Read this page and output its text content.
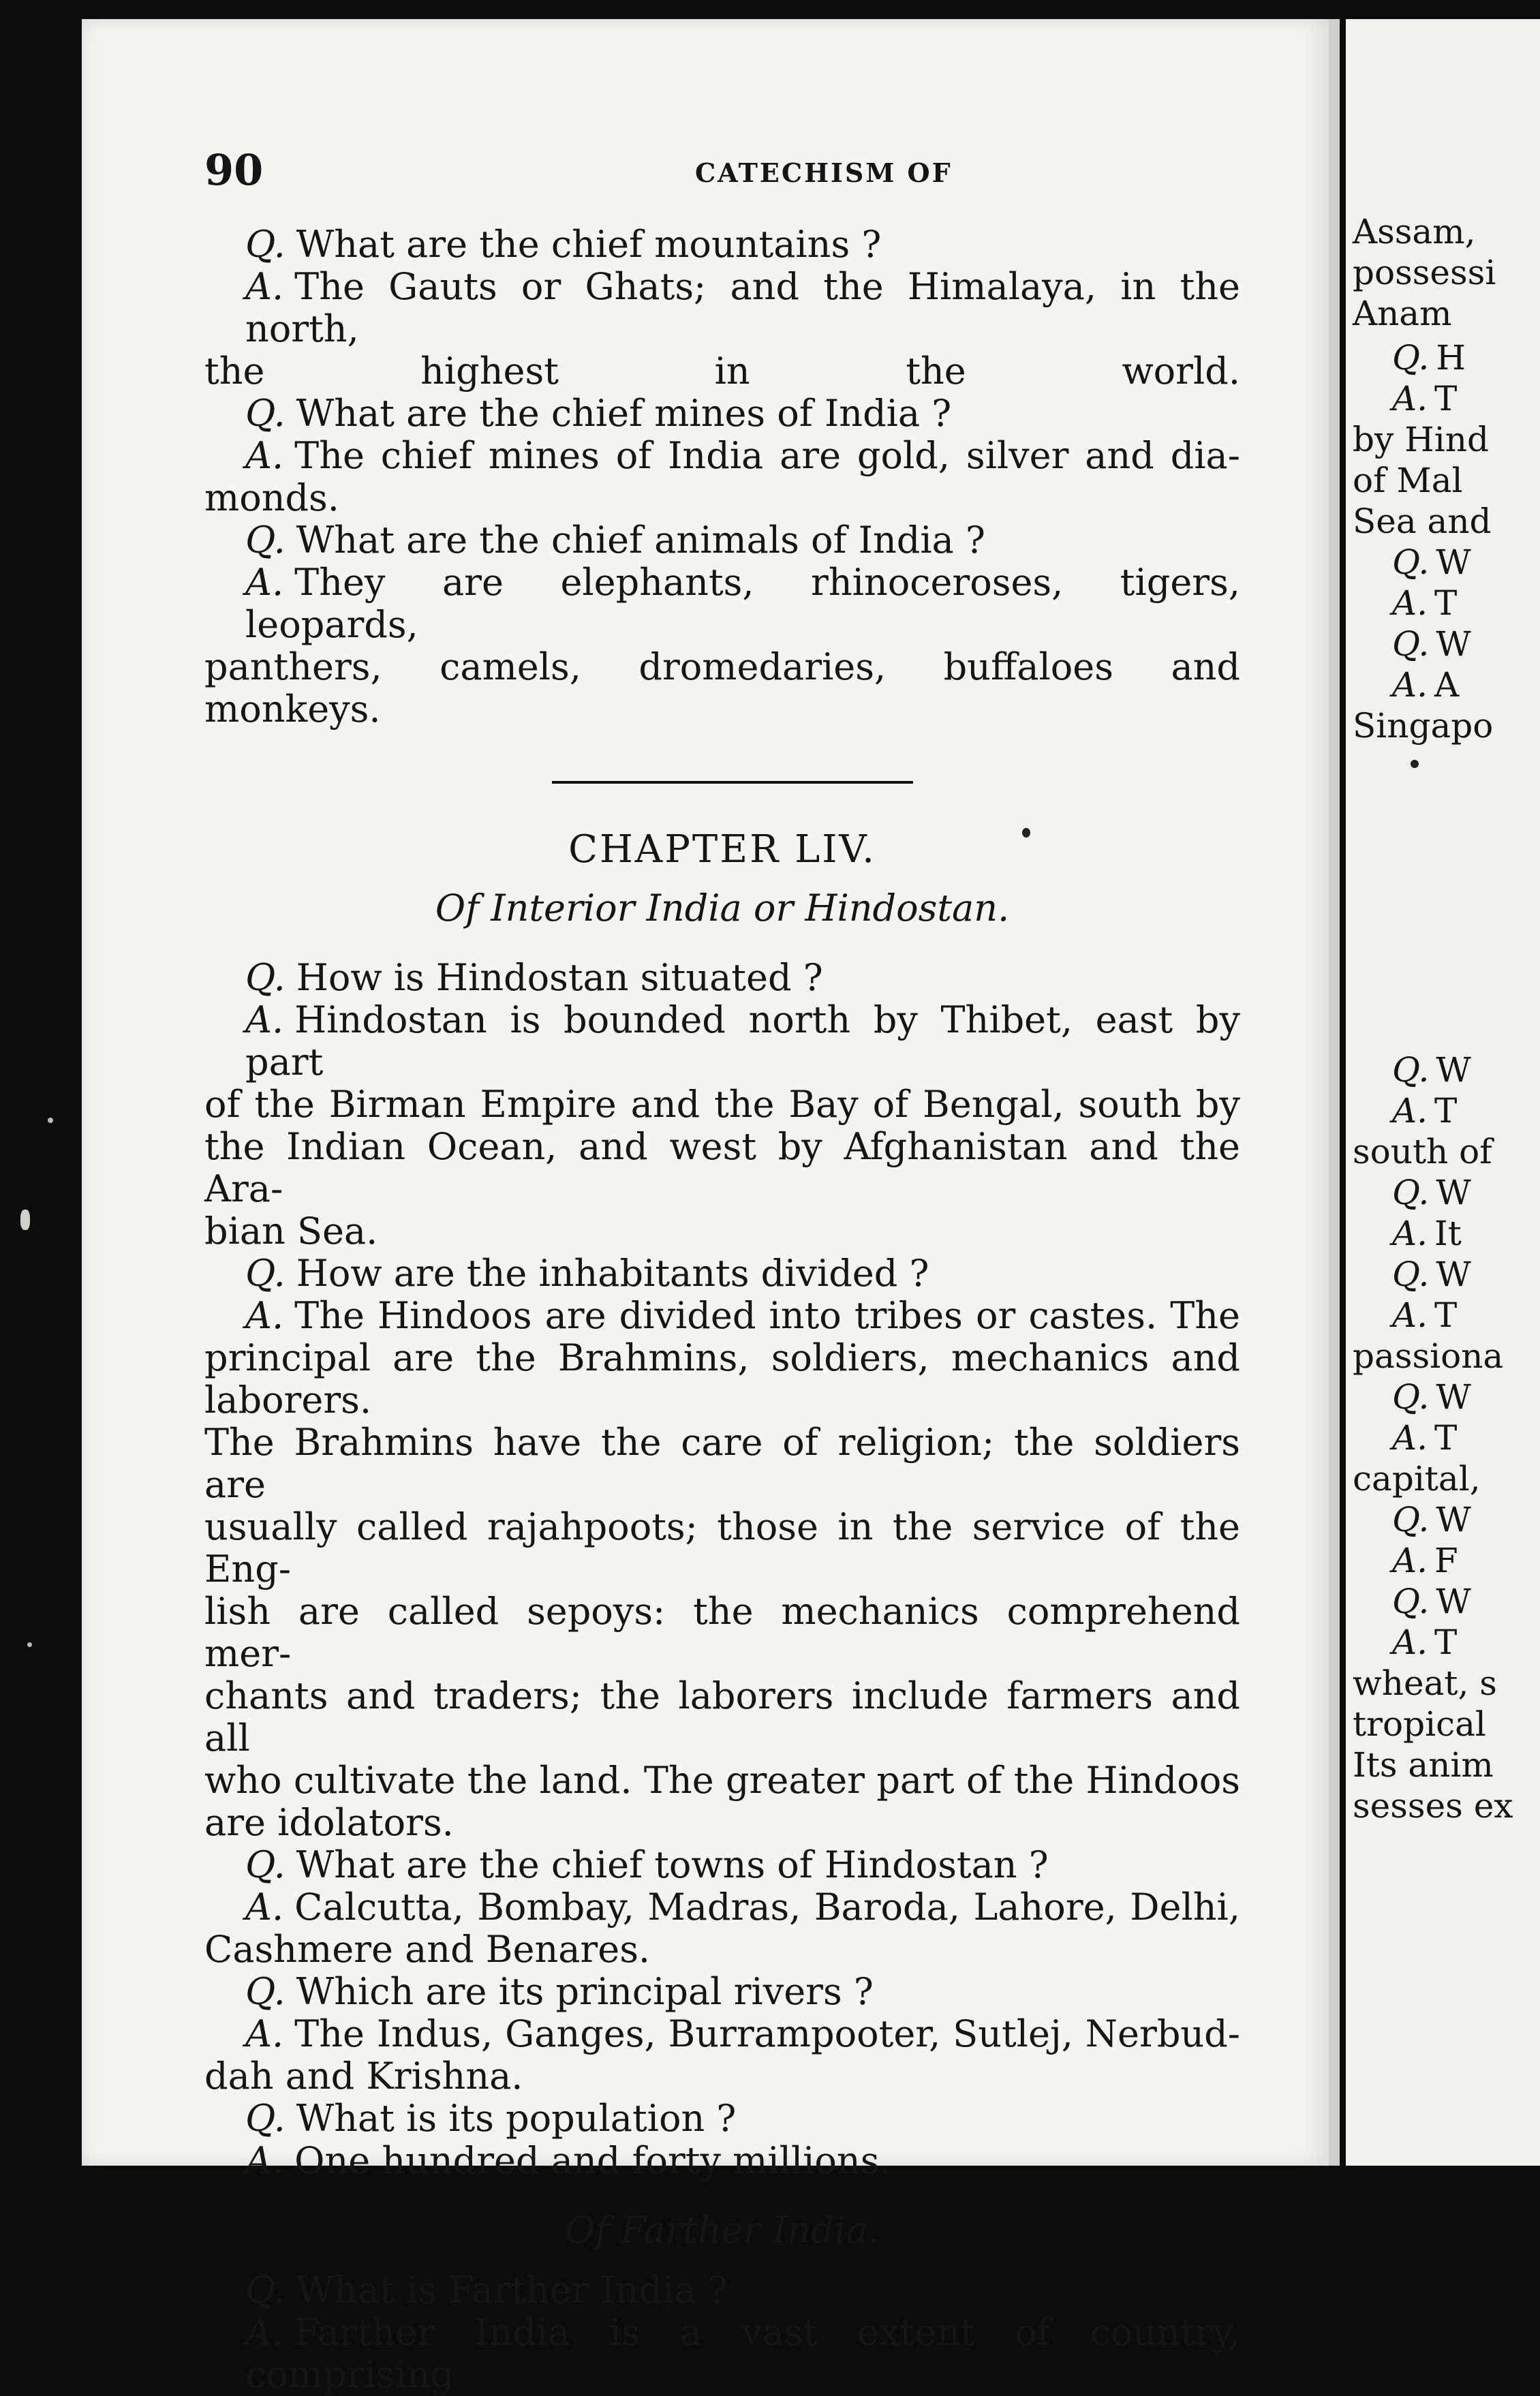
90	CATECHISM OF

Q. What are the chief mountains ?

A. The Gauts or Ghats; and the Himalaya, in the north,

the highest in the world.

Q. What are the chief mines of India ?

A. The chief mines of India are gold, silver and dia-

monds.

Q. What are the chief animals of India ?

A. They are elephants, rhinoceroses, tigers, leopards,

panthers, camels, dromedaries, buffaloes and monkeys.

CHAPTER LIV.

Of Interior India or Hindostan.

Q. How is Hindostan situated ?

A. Hindostan is bounded north by Thibet, east by part

of the Birman Empire and the Bay of Bengal, south by

the Indian Ocean, and west by Afghanistan and the Ara-

bian Sea.

Q. How are the inhabitants divided ?

A. The Hindoos are divided into tribes or castes. The

principal are the Brahmins, soldiers, mechanics and laborers.

The Brahmins have the care of religion; the soldiers are

usually called rajahpoots; those in the service of the Eng-

lish are called sepoys: the mechanics comprehend mer-

chants and traders; the laborers include farmers and all

who cultivate the land. The greater part of the Hindoos

are idolators.

Q. What are the chief towns of Hindostan ?

A. Calcutta, Bombay, Madras, Baroda, Lahore, Delhi,

Cashmere and Benares.

Q. Which are its principal rivers ?

A. The Indus, Ganges, Burrampooter, Sutlej, Nerbud-

dah and Krishna.

Q. What is its population ?

A. One hundred and forty millions.

Of Farther India.

Q. What is Farther India ?

A. Farther India is a vast extent of country, comprising

Assam,
possessi
Anam
Q. H
A. T
by Hind
of Mal
Sea and
Q. W
A. T
Q. W
A. A
Singapo
Q. W
A. T
south of
Q. W
A. It
Q. W
A. T
passiona
Q. W
A. T
capital,
Q. W
A. F
Q. W
A. T
wheat, s
tropical
Its anim
sesses ex
